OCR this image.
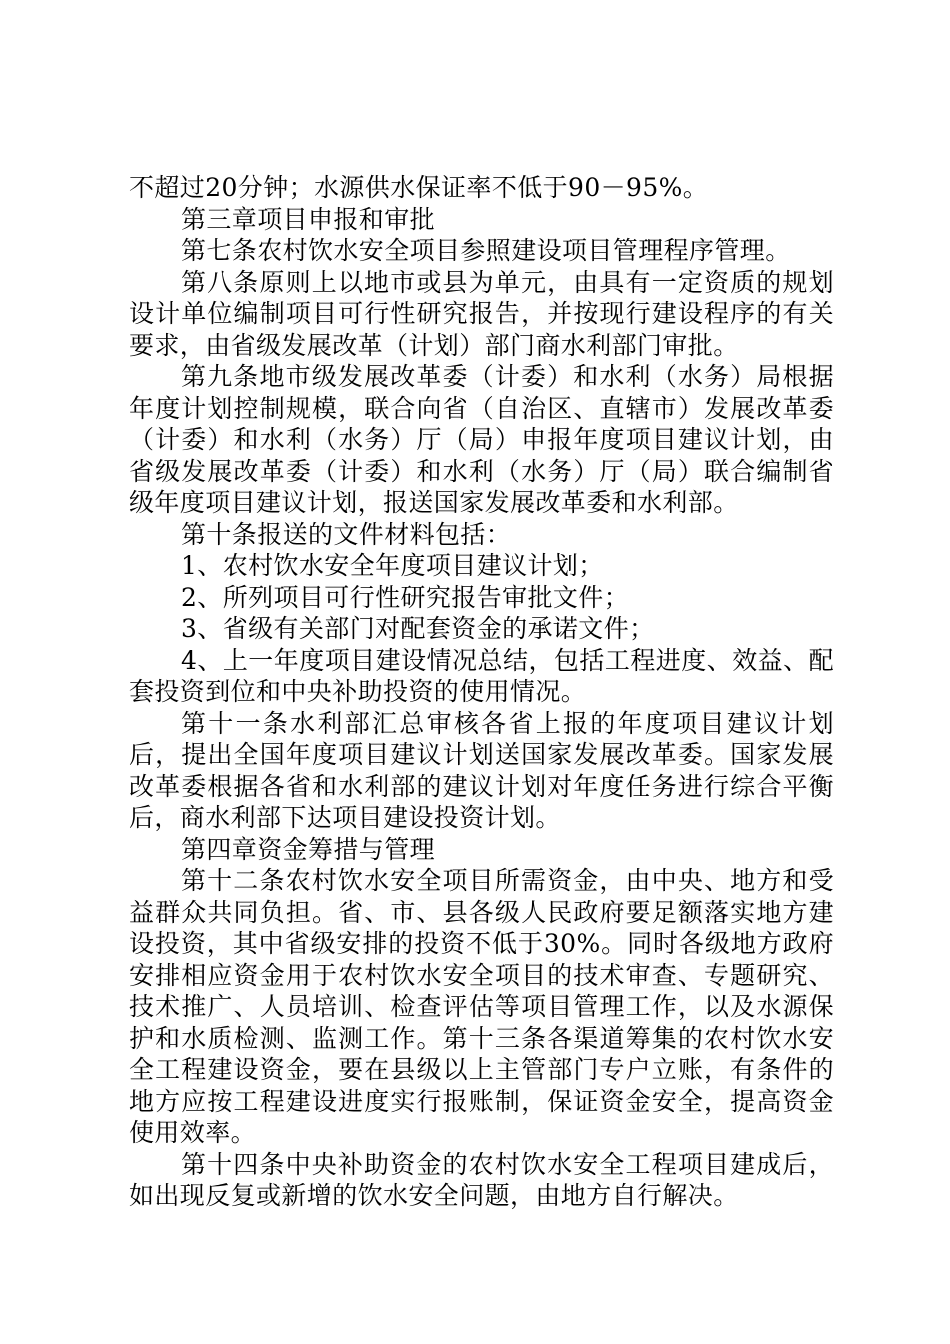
不超过20分钟；水源供水保证率不低于90－95%。

第三章项目申报和审批

第七条农村饮水安全项目参照建设项目管理程序管理。

第八条原则上以地市或县为单元，由具有一定资质的规划设计单位编制项目可行性研究报告，并按现行建设程序的有关要求，由省级发展改革（计划）部门商水利部门审批。

第九条地市级发展改革委（计委）和水利（水务）局根据年度计划控制规模，联合向省（自治区、直辖市）发展改革委（计委）和水利（水务）厅（局）申报年度项目建议计划，由省级发展改革委（计委）和水利（水务）厅（局）联合编制省级年度项目建议计划，报送国家发展改革委和水利部。

第十条报送的文件材料包括：

1、农村饮水安全年度项目建议计划；

2、所列项目可行性研究报告审批文件；

3、省级有关部门对配套资金的承诺文件；

4、上一年度项目建设情况总结，包括工程进度、效益、配套投资到位和中央补助投资的使用情况。

第十一条水利部汇总审核各省上报的年度项目建议计划后，提出全国年度项目建议计划送国家发展改革委。国家发展改革委根据各省和水利部的建议计划对年度任务进行综合平衡后，商水利部下达项目建设投资计划。

第四章资金筹措与管理

第十二条农村饮水安全项目所需资金，由中央、地方和受益群众共同负担。省、市、县各级人民政府要足额落实地方建设投资，其中省级安排的投资不低于30%。同时各级地方政府安排相应资金用于农村饮水安全项目的技术审查、专题研究、技术推广、人员培训、检查评估等项目管理工作，以及水源保护和水质检测、监测工作。第十三条各渠道筹集的农村饮水安全工程建设资金，要在县级以上主管部门专户立账，有条件的地方应按工程建设进度实行报账制，保证资金安全，提高资金使用效率。

第十四条中央补助资金的农村饮水安全工程项目建成后，如出现反复或新增的饮水安全问题，由地方自行解决。
